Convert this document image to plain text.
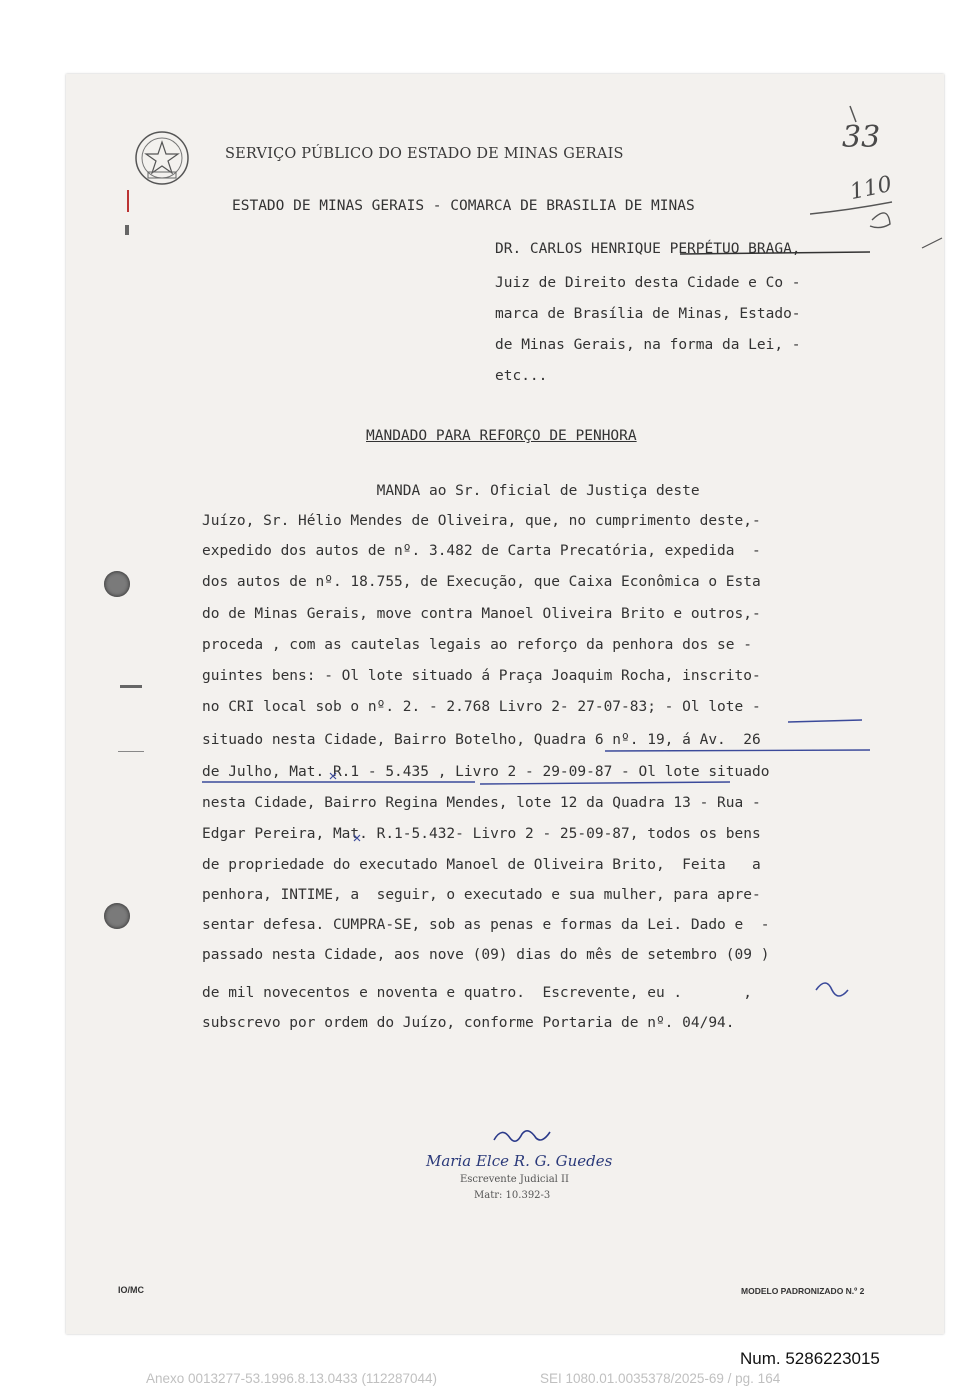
SERVIÇO PÚBLICO DO ESTADO DE MINAS GERAIS	33
110
ESTADO DE MINAS GERAIS - COMARCA DE BRASILIA DE MINAS
DR. CARLOS HENRIQUE PERPÉTUO BRAGA,
Juiz de Direito desta Cidade e Co -
marca de Brasília de Minas, Estado-
de Minas Gerais, na forma da Lei, -
etc...
MANDADO PARA REFORÇO DE PENHORA
MANDA ao Sr. Oficial de Justiça deste
Juízo, Sr. Hélio Mendes de Oliveira, que, no cumprimento deste,-
expedido dos autos de nº. 3.482 de Carta Precatória, expedida  -
dos autos de nº. 18.755, de Execução, que Caixa Econômica o Esta
do de Minas Gerais, move contra Manoel Oliveira Brito e outros,-
proceda , com as cautelas legais ao reforço da penhora dos se -
guintes bens: - Ol lote situado á Praça Joaquim Rocha, inscrito-
no CRI local sob o nº. 2. - 2.768 Livro 2- 27-07-83; - Ol lote -
situado nesta Cidade, Bairro Botelho, Quadra 6 nº. 19, á Av.  26
de Julho, Mat. R.1 - 5.435 , Livro 2 - 29-09-87 - Ol lote situado
nesta Cidade, Bairro Regina Mendes, lote 12 da Quadra 13 - Rua -
Edgar Pereira, Mat. R.1-5.432- Livro 2 - 25-09-87, todos os bens
de propriedade do executado Manoel de Oliveira Brito,  Feita   a
penhora, INTIME, a  seguir, o executado e sua mulher, para apre-
sentar defesa. CUMPRA-SE, sob as penas e formas da Lei. Dado e  -
passado nesta Cidade, aos nove (09) dias do mês de setembro (09 )
de mil novecentos e noventa e quatro.  Escrevente, eu .       ,
subscrevo por ordem do Juízo, conforme Portaria de nº. 04/94.
Maria Elce R. G. Guedes
Escrevente Judicial II
Matr: 10.392-3
IO/MC	MODELO PADRONIZADO N.º 2
Num. 5286223015
Anexo 0013277-53.1996.8.13.0433 (112287044)	SEI 1080.01.0035378/2025-69 / pg. 164
